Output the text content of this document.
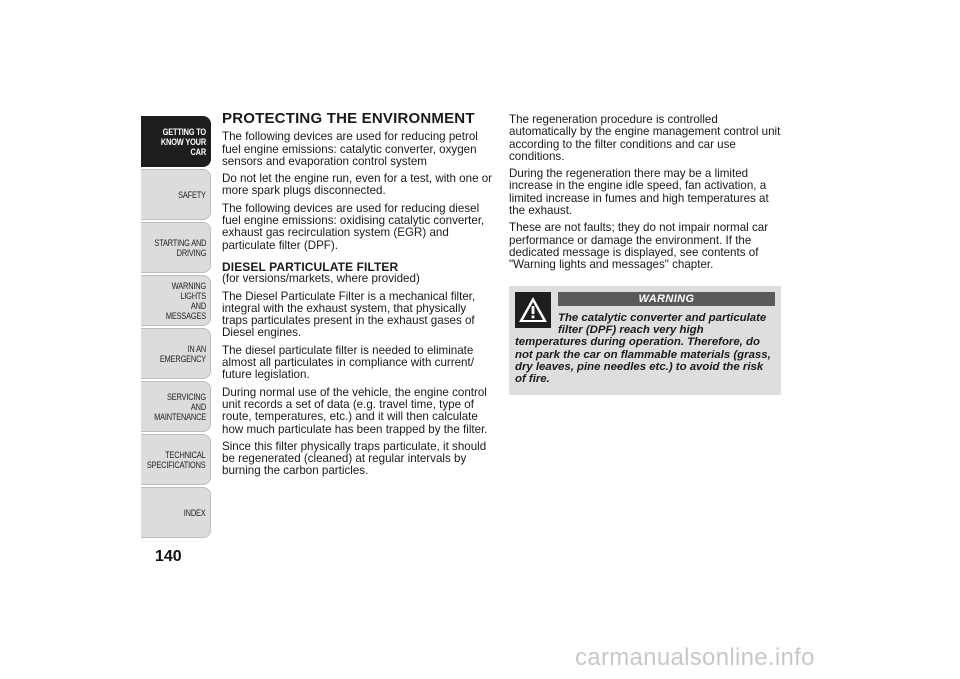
GETTING TO
KNOW YOUR CAR
SAFETY
STARTING AND
DRIVING
WARNING LIGHTS
AND MESSAGES
IN AN EMERGENCY
SERVICING AND
MAINTENANCE
TECHNICAL
SPECIFICATIONS
INDEX
140
PROTECTING THE ENVIRONMENT

The following devices are used for reducing petrol fuel engine emissions: catalytic converter, oxygen sensors and evaporation control system

Do not let the engine run, even for a test, with one or more spark plugs disconnected.

The following devices are used for reducing diesel fuel engine emissions: oxidising catalytic converter, exhaust gas recirculation system (EGR) and particulate filter (DPF).

DIESEL PARTICULATE FILTER

(for versions/markets, where provided)

The Diesel Particulate Filter is a mechanical filter, integral with the exhaust system, that physically traps particulates present in the exhaust gases of Diesel engines.

The diesel particulate filter is needed to eliminate almost all particulates in compliance with current/ future legislation.

During normal use of the vehicle, the engine control unit records a set of data (e.g. travel time, type of route, temperatures, etc.) and it will then calculate how much particulate has been trapped by the filter.

Since this filter physically traps particulate, it should be regenerated (cleaned) at regular intervals by burning the carbon particles.

The regeneration procedure is controlled automatically by the engine management control unit according to the filter conditions and car use conditions.

During the regeneration there may be a limited increase in the engine idle speed, fan activation, a limited increase in fumes and high temperatures at the exhaust.

These are not faults; they do not impair normal car performance or damage the environment. If the dedicated message is displayed, see contents of "Warning lights and messages" chapter.

WARNING
The catalytic converter and particulate filter (DPF) reach very high
temperatures during operation. Therefore, do not park the car on flammable materials (grass, dry leaves, pine needles etc.) to avoid the risk of fire.
carmanualsonline.info
